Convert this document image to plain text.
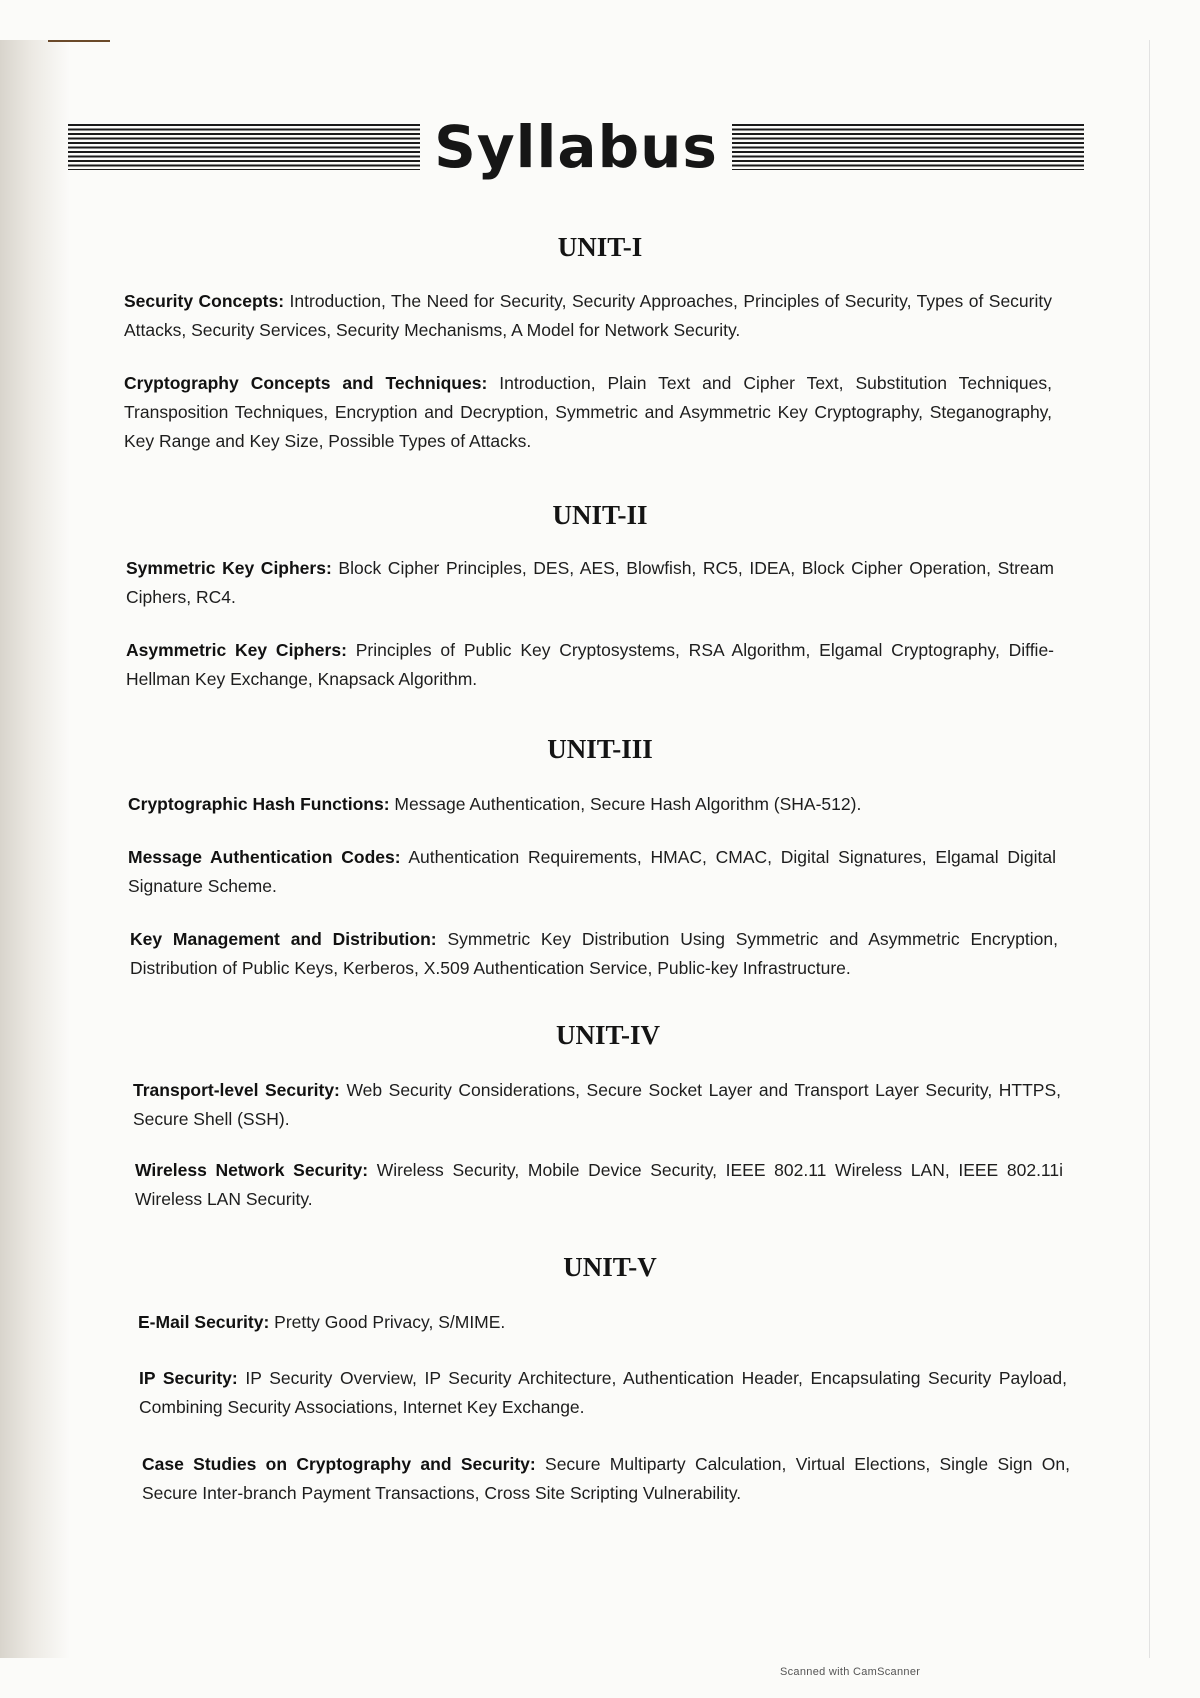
Syllabus
UNIT-I

Security Concepts: Introduction, The Need for Security, Security Approaches, Principles of Security, Types of Security Attacks, Security Services, Security Mechanisms, A Model for Network Security.

Cryptography Concepts and Techniques: Introduction, Plain Text and Cipher Text, Substitution Techniques, Transposition Techniques, Encryption and Decryption, Symmetric and Asymmetric Key Cryptography, Steganography, Key Range and Key Size, Possible Types of Attacks.

UNIT-II

Symmetric Key Ciphers: Block Cipher Principles, DES, AES, Blowfish, RC5, IDEA, Block Cipher Operation, Stream Ciphers, RC4.

Asymmetric Key Ciphers: Principles of Public Key Cryptosystems, RSA Algorithm, Elgamal Cryptography, Diffie-Hellman Key Exchange, Knapsack Algorithm.

UNIT-III

Cryptographic Hash Functions: Message Authentication, Secure Hash Algorithm (SHA-512).

Message Authentication Codes: Authentication Requirements, HMAC, CMAC, Digital Signatures, Elgamal Digital Signature Scheme.

Key Management and Distribution: Symmetric Key Distribution Using Symmetric and Asymmetric Encryption, Distribution of Public Keys, Kerberos, X.509 Authentication Service, Public-key Infrastructure.

UNIT-IV

Transport-level Security: Web Security Considerations, Secure Socket Layer and Transport Layer Security, HTTPS, Secure Shell (SSH).

Wireless Network Security: Wireless Security, Mobile Device Security, IEEE 802.11 Wireless LAN, IEEE 802.11i Wireless LAN Security.

UNIT-V

E-Mail Security: Pretty Good Privacy, S/MIME.

IP Security: IP Security Overview, IP Security Architecture, Authentication Header, Encapsulating Security Payload, Combining Security Associations, Internet Key Exchange.

Case Studies on Cryptography and Security: Secure Multiparty Calculation, Virtual Elections, Single Sign On, Secure Inter-branch Payment Transactions, Cross Site Scripting Vulnerability.

Scanned with CamScanner
